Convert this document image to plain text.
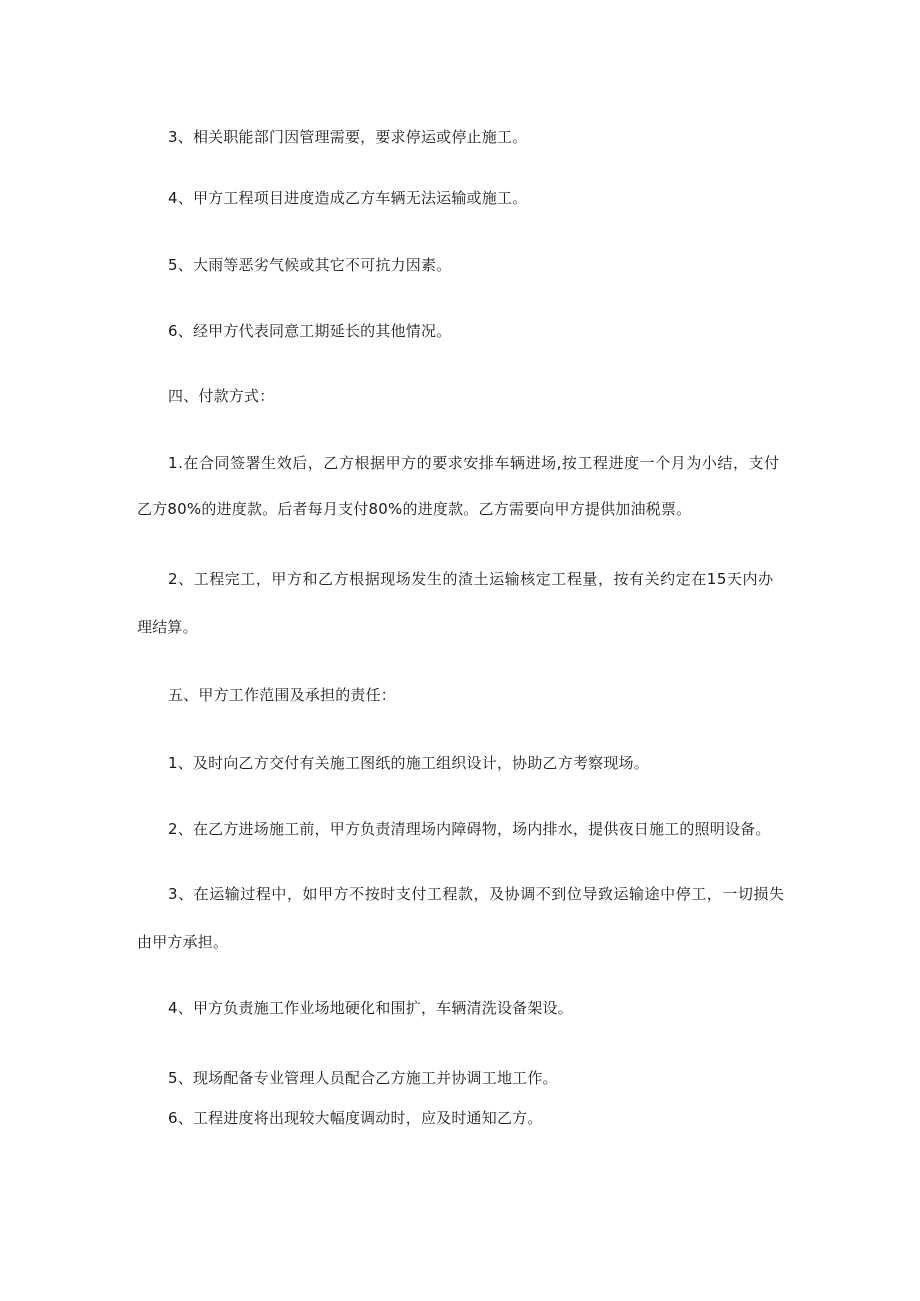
3、相关职能部门因管理需要，要求停运或停止施工。

4、甲方工程项目进度造成乙方车辆无法运输或施工。

5、大雨等恶劣气候或其它不可抗力因素。

6、经甲方代表同意工期延长的其他情况。

四、付款方式：

1.在合同签署生效后，乙方根据甲方的要求安排车辆进场,按工程进度一个月为小结，支付

乙方80%的进度款。后者每月支付80%的进度款。乙方需要向甲方提供加油税票。

2、工程完工，甲方和乙方根据现场发生的渣土运输核定工程量，按有关约定在15天内办

理结算。

五、甲方工作范围及承担的责任：

1、及时向乙方交付有关施工图纸的施工组织设计，协助乙方考察现场。

2、在乙方进场施工前，甲方负责清理场内障碍物，场内排水，提供夜日施工的照明设备。

3、在运输过程中，如甲方不按时支付工程款，及协调不到位导致运输途中停工，一切损失

由甲方承担。

4、甲方负责施工作业场地硬化和围扩，车辆清洗设备架设。

5、现场配备专业管理人员配合乙方施工并协调工地工作。

6、工程进度将出现较大幅度调动时，应及时通知乙方。
